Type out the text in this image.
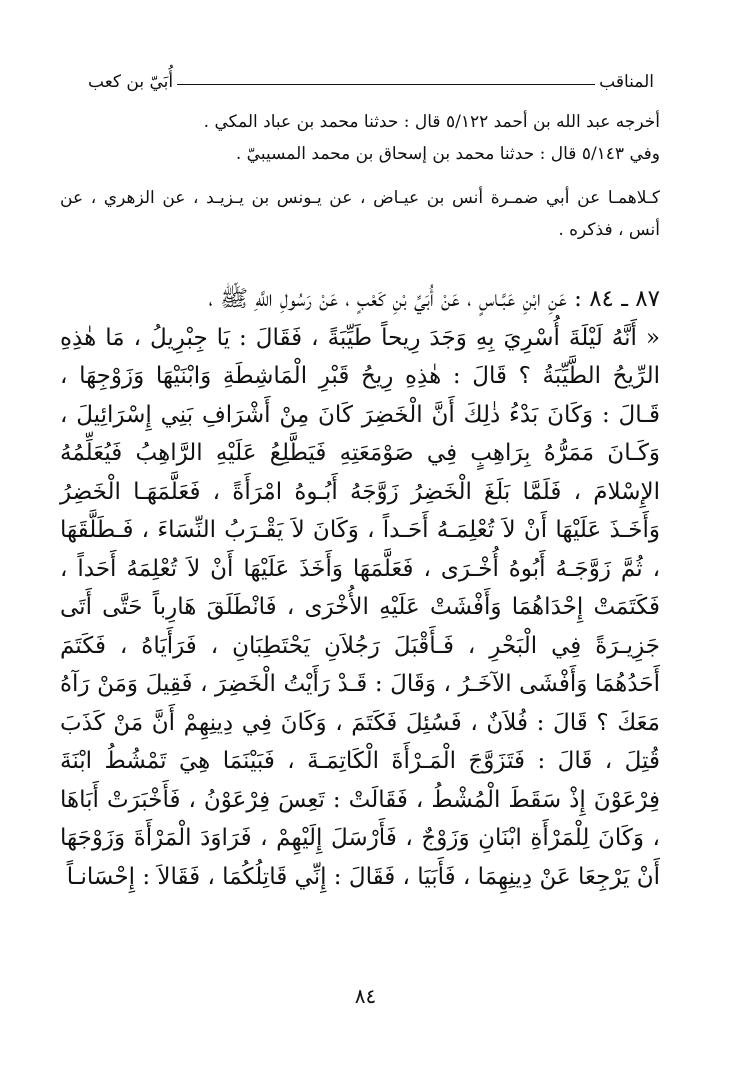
المناقب
أُبَيّ بن كعب

أخرجه عبد الله بن أحمد ٥/١٢٢ قال : حدثنا محمد بن عباد المكي .

وفي ٥/١٤٣ قال : حدثنا محمد بن إسحاق بن محمد المسيبيّ .

كـلاهمـا عن أبي ضمـرة أنس بن عيـاض ، عن يـونس بن يـزيـد ، عن الزهري ، عن أنس ، فذكره .

٨٧ ـ ٨٤ : عَنِ ابْنِ عَبَّـاسٍ ، عَنْ أُبَيِّ بْنِ كَعْبٍ ، عَنْ رَسُولِ اللَّهِ ﷺ ،

« أَنَّهُ لَيْلَةَ أُسْرِيَ بِهِ وَجَدَ رِيحاً طَيِّبَةً ، فَقَالَ : يَا جِبْرِيلُ ، مَا هٰذِهِ الرِّيحُ الطَّيِّبَةُ ؟ قَالَ : هٰذِهِ رِيحُ قَبْرِ الْمَاشِطَةِ وَابْنَيْهَا وَزَوْجِهَا ، قَـالَ : وَكَانَ بَدْءُ ذٰلِكَ أَنَّ الْخَضِرَ كَانَ مِنْ أَشْرَافِ بَنِي إِسْرَائِيلَ ، وَكَـانَ مَمَرُّهُ بِرَاهِبٍ فِي صَوْمَعَتِهِ فَيَطَّلِعُ عَلَيْهِ الرَّاهِبُ فَيُعَلِّمُهُ الإِسْلامَ ، فَلَمَّا بَلَغَ الْخَضِرُ زَوَّجَهُ أَبُـوهُ امْرَأَةً ، فَعَلَّمَهَـا الْخَضِرُ وَأَخَـذَ عَلَيْهَا أَنْ لاَ تُعْلِمَـهُ أَحَـداً ، وَكَانَ لاَ يَقْـرَبُ النِّسَاءَ ، فَـطَلَّقَهَا ، ثُمَّ زَوَّجَـهُ أَبُوهُ أُخْـرَى ، فَعَلَّمَهَا وَأَخَذَ عَلَيْهَا أَنْ لاَ تُعْلِمَهُ أَحَداً ، فَكَتَمَتْ إِحْدَاهُمَا وَأَفْشَتْ عَلَيْهِ الأُخْرَى ، فَانْطَلَقَ هَارِباً حَتَّى أَتَى جَزِيـرَةً فِي الْبَحْرِ ، فَـأَقْبَلَ رَجُلاَنِ يَحْتَطِبَانِ ، فَرَأَيَاهُ ، فَكَتَمَ أَحَدُهُمَا وَأَفْشَى الآخَـرُ ، وَقَالَ : قَـدْ رَأَيْتُ الْخَضِرَ ، فَقِيلَ وَمَنْ رَآهُ مَعَكَ ؟ قَالَ : فُلاَنٌ ، فَسُئِلَ فَكَتَمَ ، وَكَانَ فِي دِينِهِمْ أَنَّ مَنْ كَذَبَ قُتِلَ ، قَالَ : فَتَزَوَّجَ الْمَـرْأَةَ الْكَاتِمَـةَ ، فَبَيْنَمَا هِيَ تَمْشُطُ ابْنَةَ فِرْعَوْنَ إِذْ سَقَطَ الْمُشْطُ ، فَقَالَتْ : تَعِسَ فِرْعَوْنُ ، فَأَخْبَرَتْ أَبَاهَا ، وَكَانَ لِلْمَرْأَةِ ابْنَانِ وَزَوْجٌ ، فَأَرْسَلَ إِلَيْهِمْ ، فَرَاوَدَ الْمَرْأَةَ وَزَوْجَهَا أَنْ يَرْجِعَا عَنْ دِينِهِمَا ، فَأَبَيَا ، فَقَالَ : إِنِّي قَاتِلُكُمَا ، فَقَالاَ : إِحْسَانـاً

٨٤
